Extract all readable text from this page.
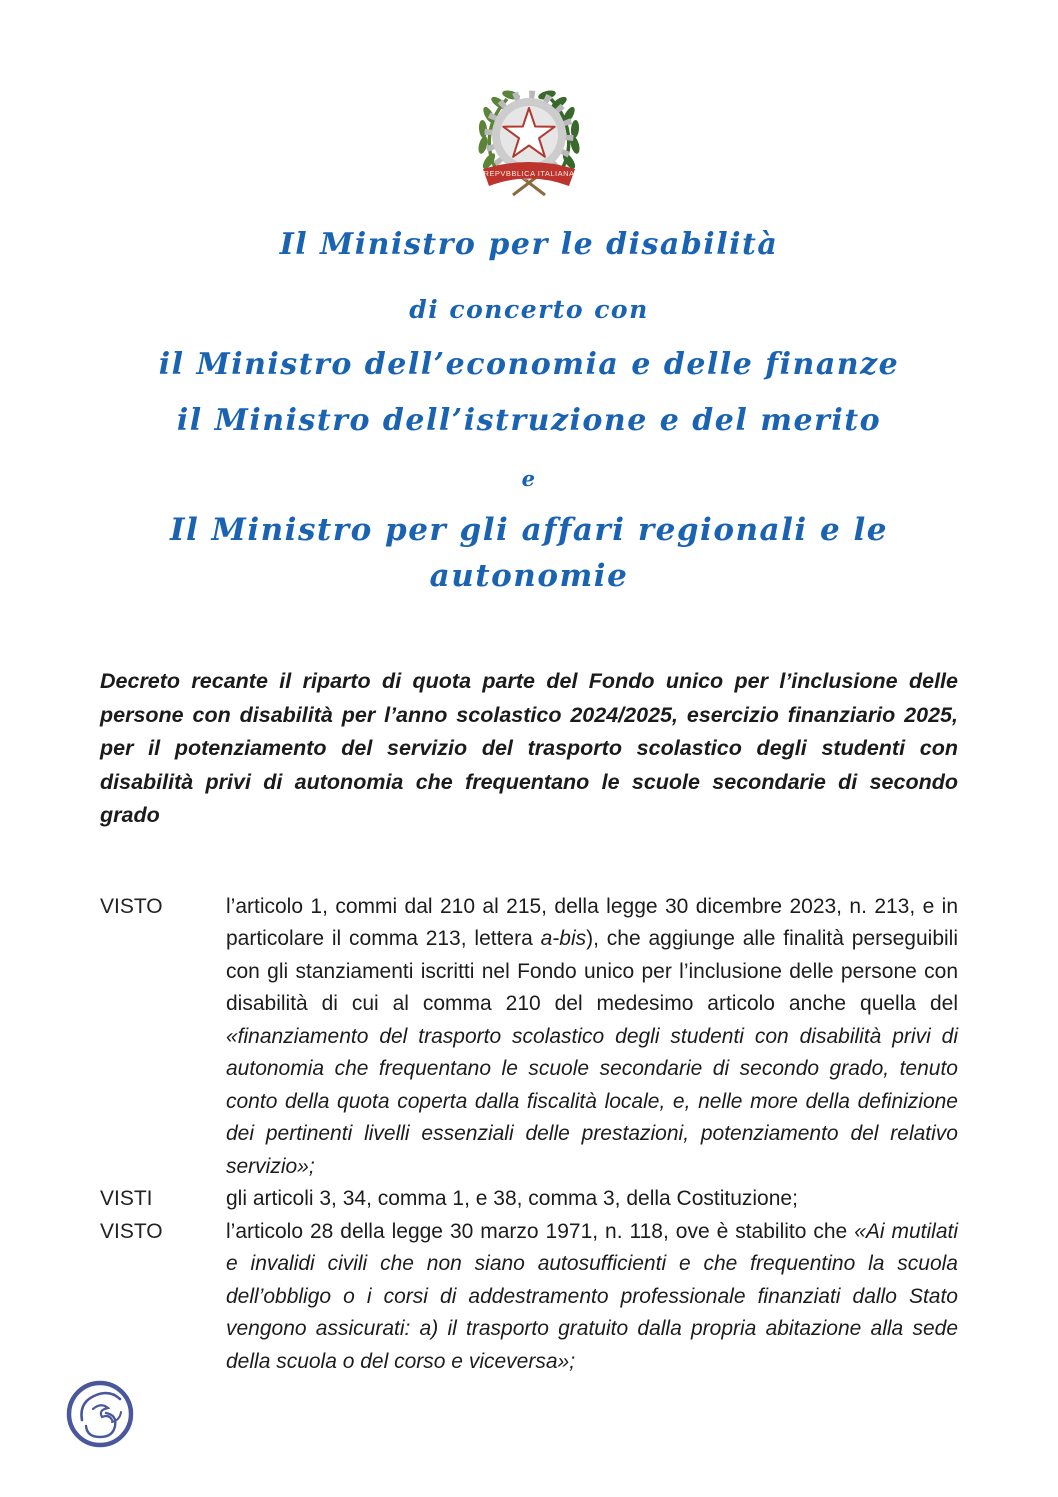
REPVBBLICA ITALIANA
Il Ministro per le disabilità
di concerto con
il Ministro dell’economia e delle finanze
il Ministro dell’istruzione e del merito
e
Il Ministro per gli affari regionali e le autonomie

Decreto recante il riparto di quota parte del Fondo unico per l’inclusione delle persone con disabilità per l’anno scolastico 2024/2025, esercizio finanziario 2025, per il potenziamento del servizio del trasporto scolastico degli studenti con disabilità privi di autonomia che frequentano le scuole secondarie di secondo grado

VISTO	l’articolo 1, commi dal 210 al 215, della legge 30 dicembre 2023, n. 213, e in particolare il comma 213, lettera a-bis), che aggiunge alle finalità perseguibili con gli stanziamenti iscritti nel Fondo unico per l’inclusione delle persone con disabilità di cui al comma 210 del medesimo articolo anche quella del «finanziamento del trasporto scolastico degli studenti con disabilità privi di autonomia che frequentano le scuole secondarie di secondo grado, tenuto conto della quota coperta dalla fiscalità locale, e, nelle more della definizione dei pertinenti livelli essenziali delle prestazioni, potenziamento del relativo servizio»;
VISTI	gli articoli 3, 34, comma 1, e 38, comma 3, della Costituzione;
VISTO	l’articolo 28 della legge 30 marzo 1971, n. 118, ove è stabilito che «Ai mutilati e invalidi civili che non siano autosufficienti e che frequentino la scuola dell’obbligo o i corsi di addestramento professionale finanziati dallo Stato vengono assicurati: a) il trasporto gratuito dalla propria abitazione alla sede della scuola o del corso e viceversa»;
